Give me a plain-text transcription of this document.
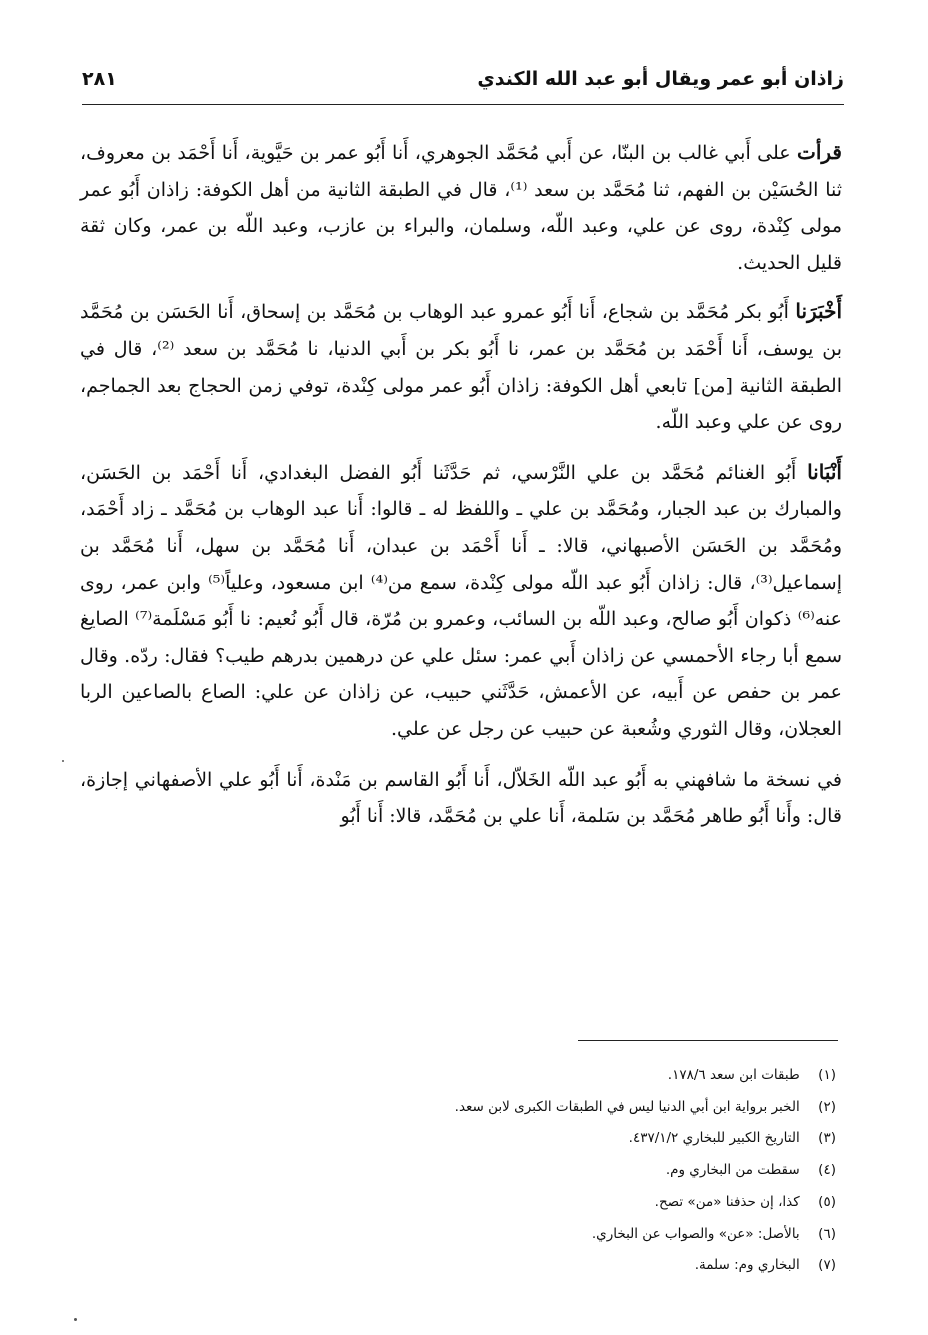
زاذان أبو عمر ويقال أبو عبد الله الكندي
٢٨١

قرأت على أَبي غالب بن البنّا، عن أَبي مُحَمَّد الجوهري، أَنا أَبُو عمر بن حَيَّوية، أَنا أَحْمَد بن معروف، ثنا الحُسَيْن بن الفهم، ثنا مُحَمَّد بن سعد ⁽¹⁾، قال في الطبقة الثانية من أهل الكوفة: زاذان أَبُو عمر مولى كِنْدة، روى عن علي، وعبد اللّه، وسلمان، والبراء بن عازب، وعبد اللّه بن عمر، وكان ثقة قليل الحديث.

أَخْبَرَنا أَبُو بكر مُحَمَّد بن شجاع، أَنا أَبُو عمرو عبد الوهاب بن مُحَمَّد بن إسحاق، أَنا الحَسَن بن مُحَمَّد بن يوسف، أَنا أَحْمَد بن مُحَمَّد بن عمر، نا أَبُو بكر بن أَبي الدنيا، نا مُحَمَّد بن سعد ⁽²⁾، قال في الطبقة الثانية [من] تابعي أهل الكوفة: زاذان أَبُو عمر مولى كِنْدة، توفي زمن الحجاج بعد الجماجم، روى عن علي وعبد اللّه.

أَنْبَانا أَبُو الغنائم مُحَمَّد بن علي النَّرْسي، ثم حَدَّثَنا أَبُو الفضل البغدادي، أَنا أَحْمَد بن الحَسَن، والمبارك بن عبد الجبار، ومُحَمَّد بن علي ـ واللفظ له ـ قالوا: أَنا عبد الوهاب بن مُحَمَّد ـ زاد أَحْمَد، ومُحَمَّد بن الحَسَن الأصبهاني، قالا: ـ أَنا أَحْمَد بن عبدان، أَنا مُحَمَّد بن سهل، أَنا مُحَمَّد بن إسماعيل⁽³⁾، قال: زاذان أَبُو عبد اللّه مولى كِنْدة، سمع من⁽⁴⁾ ابن مسعود، وعلياً⁽⁵⁾ وابن عمر، روى عنه⁽⁶⁾ ذكوان أَبُو صالح، وعبد اللّه بن السائب، وعمرو بن مُرّة، قال أَبُو نُعيم: نا أَبُو مَسْلَمة⁽⁷⁾ الصايغ سمع أبا رجاء الأحمسي عن زاذان أَبي عمر: سئل علي عن درهمين بدرهم طيب؟ فقال: ردّه. وقال عمر بن حفص عن أَبيه، عن الأعمش، حَدَّثَني حبيب، عن زاذان عن علي: الصاع بالصاعين الربا العجلان، وقال الثوري وشُعبة عن حبيب عن رجل عن علي.

في نسخة ما شافهني به أَبُو عبد اللّه الخَلاّل، أَنا أَبُو القاسم بن مَنْدة، أَنا أَبُو علي الأصفهاني إجازة، قال: وأَنا أَبُو طاهر مُحَمَّد بن سَلمة، أَنا علي بن مُحَمَّد، قالا: أَنا أَبُو

(١) طبقات ابن سعد ١٧٨/٦.
(٢) الخبر برواية ابن أبي الدنيا ليس في الطبقات الكبرى لابن سعد.
(٣) التاريخ الكبير للبخاري ٤٣٧/١/٢.
(٤) سقطت من البخاري وم.
(٥) كذا، إن حذفنا «من» تصح.
(٦) بالأصل: «عن» والصواب عن البخاري.
(٧) البخاري وم: سلمة.
